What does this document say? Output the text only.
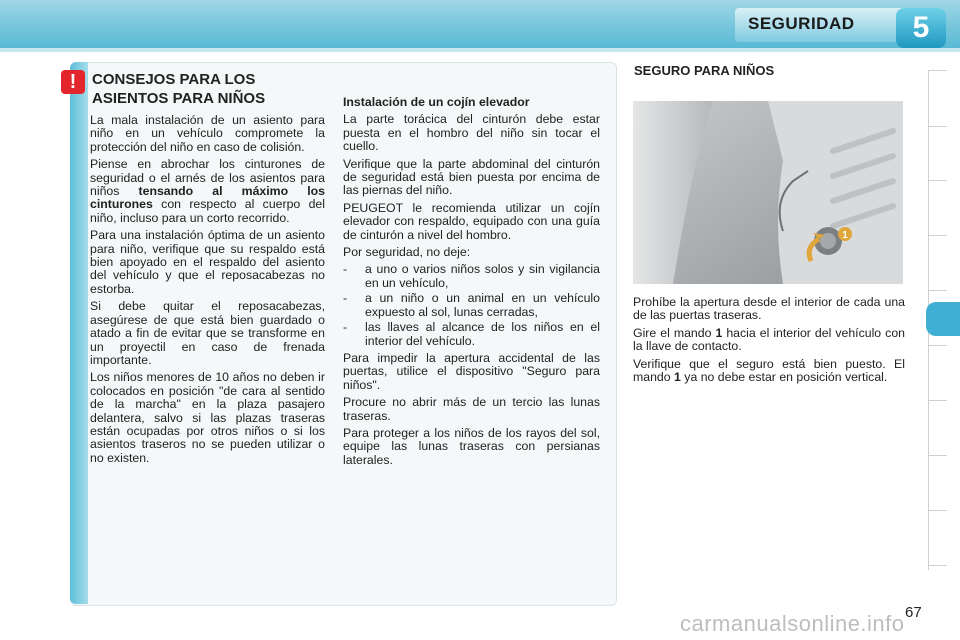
SEGURIDAD	5
!	CONSEJOS PARA LOS
ASIENTOS PARA NIÑOS

La mala instalación de un asiento para niño en un vehículo compromete la protección del niño en caso de colisión.

Piense en abrochar los cinturones de seguridad o el arnés de los asientos para niños tensando al máximo los cinturones con respecto al cuerpo del niño, incluso para un corto recorrido.

Para una instalación óptima de un asiento para niño, verifique que su respaldo está bien apoyado en el respaldo del asiento del vehículo y que el reposacabezas no estorba.

Si debe quitar el reposacabezas, asegúrese de que está bien guardado o atado a fin de evitar que se transforme en un proyectil en caso de frenada importante.

Los niños menores de 10 años no deben ir colocados en posición "de cara al sentido de la marcha" en la plaza pasajero delantera, salvo si las plazas traseras están ocupadas por otros niños o si los asientos traseros no se pueden utilizar o no existen.

Instalación de un cojín elevador

La parte torácica del cinturón debe estar puesta en el hombro del niño sin tocar el cuello.

Verifique que la parte abdominal del cinturón de seguridad está bien puesta por encima de las piernas del niño.

PEUGEOT le recomienda utilizar un cojín elevador con respaldo, equipado con una guía de cinturón a nivel del hombro.

Por seguridad, no deje:

-	a uno o varios niños solos y sin vigilancia en un vehículo,
-	a un niño o un animal en un vehículo expuesto al sol, lunas cerradas,
-	las llaves al alcance de los niños en el interior del vehículo.

Para impedir la apertura accidental de las puertas, utilice el dispositivo "Seguro para niños".

Procure no abrir más de un tercio las lunas traseras.

Para proteger a los niños de los rayos del sol, equipe las lunas traseras con persianas laterales.

SEGURO PARA NIÑOS
1

Prohíbe la apertura desde el interior de cada una de las puertas traseras.

Gire el mando 1 hacia el interior del vehículo con la llave de contacto.

Verifique que el seguro está bien puesto. El mando 1 ya no debe estar en posición vertical.

67
carmanualsonline.info
